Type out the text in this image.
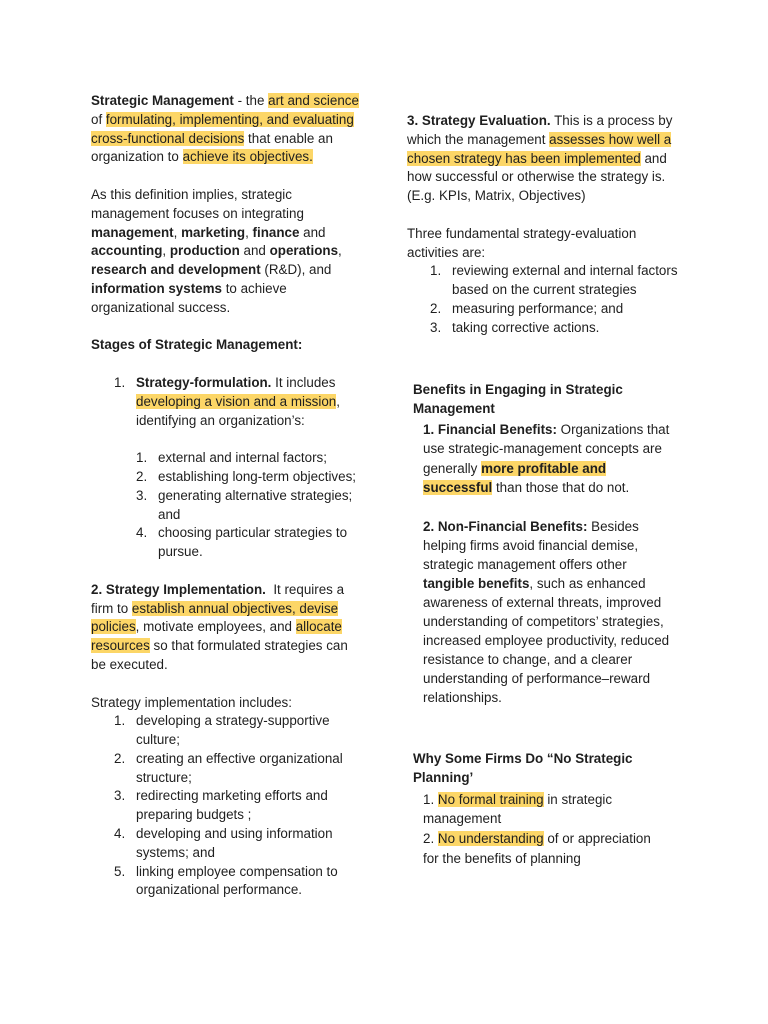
Strategic Management - the art and science of formulating, implementing, and evaluating cross-functional decisions that enable an organization to achieve its objectives.

As this definition implies, strategic management focuses on integrating management, marketing, finance and accounting, production and operations, research and development (R&D), and information systems to achieve organizational success.

Stages of Strategic Management:

1. Strategy-formulation. It includes developing a vision and a mission, identifying an organization’s:
1. external and internal factors;
2. establishing long-term objectives;
3. generating alternative strategies; and
4. choosing particular strategies to pursue.

2. Strategy Implementation.  It requires a firm to establish annual objectives, devise policies, motivate employees, and allocate resources so that formulated strategies can be executed.

Strategy implementation includes:

1. developing a strategy-supportive culture;
2. creating an effective organizational structure;
3. redirecting marketing efforts and preparing budgets ;
4. developing and using information systems; and
5. linking employee compensation to organizational performance.

3. Strategy Evaluation. This is a process by which the management assesses how well a chosen strategy has been implemented and how successful or otherwise the strategy is. (E.g. KPIs, Matrix, Objectives)

Three fundamental strategy-evaluation activities are:

1. reviewing external and internal factors based on the current strategies
2. measuring performance; and
3. taking corrective actions.

Benefits in Engaging in Strategic Management

1. Financial Benefits: Organizations that use strategic-management concepts are generally more profitable and
successful than those that do not.
2. Non-Financial Benefits: Besides helping firms avoid financial demise, strategic management offers other tangible benefits, such as enhanced awareness of external threats, improved understanding of competitors’ strategies, increased employee productivity, reduced resistance to change, and a clearer understanding of performance–reward relationships.

Why Some Firms Do “No Strategic Planning’

1. No formal training in strategic management
2. No understanding of or appreciation for the benefits of planning
